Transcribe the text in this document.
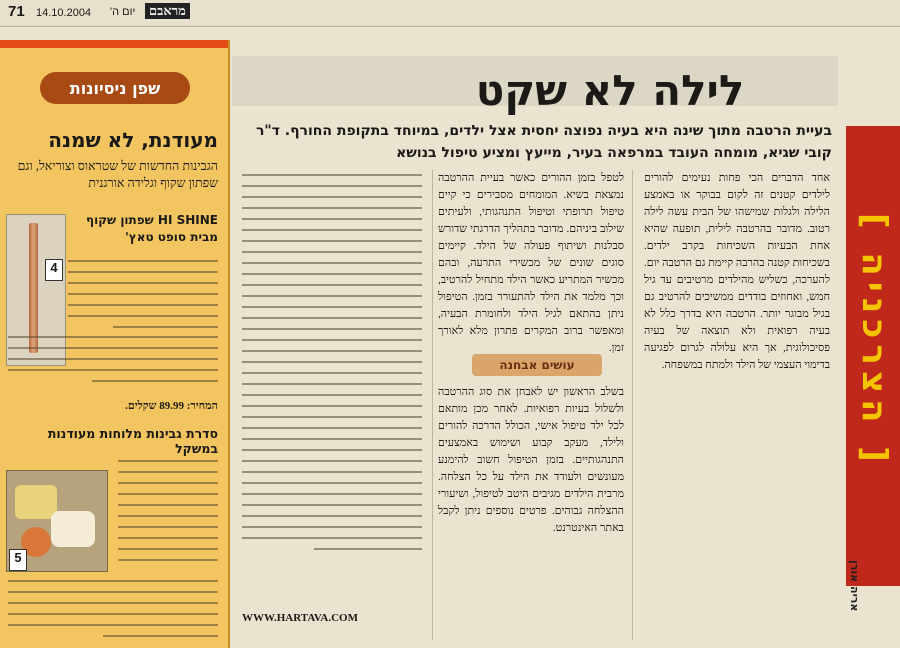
71 14.10.2004 יום ה'	מראבם
שפן ניסיונות
מעודנת, לא שמנה
הגבינות החדשות של שטראוס וצוריאל, וגם שפתון שקוף וגלידה אורגנית
4
HI SHINE שפתון שקוף מבית סופט טאץ'
המחיר: 89.99 שקלים.
סדרת גבינות מלוחות מעודנות במשקל
5
לילה לא שקט
בעיית הרטבה מתוך שינה היא בעיה נפוצה יחסית אצל ילדים, במיוחד בתקופת החורף. ד"ר קובי שגיא, מומחה העובד במרפאה בעיר, מייעץ ומציע טיפול בנושא

אחד הדברים הכי פחות נעימים להורים לילדים קטנים זה לקום בבוקר או באמצע הלילה ולגלות שמישהו של הבית עשה לילה רטוב. מדובר בהרטבה לילית, תופעה שהיא אחת הבעיות השכיחות בקרב ילדים. בשכיחות קטנה בהרבה קיימת גם הרטבה יום. להערכה, כשליש מהילדים מרטיבים עד גיל חמש, ואחוזים בודדים ממשיכים להרטיב גם בגיל מבוגר יותר. הרטבה היא בדרך כלל לא בעיה רפואית ולא תוצאה של בעיה פסיכולוגית, אך היא עלולה לגרום לפגיעה בדימוי העצמי של הילד ולמתח במשפחה.

לטפל בזמן ההורים כאשר בעיית ההרטבה נמצאת בשיא. המומחים מסבירים כי קיים טיפול תרופתי וטיפול התנהגותי, ולעיתים שילוב ביניהם. מדובר בתהליך הדרגתי שדורש סבלנות ושיתוף פעולה של הילד. קיימים סוגים שונים של מכשירי התרעה, ובהם מכשיר המתריע כאשר הילד מתחיל להרטיב, וכך מלמד את הילד להתעורר בזמן. הטיפול ניתן בהתאם לגיל הילד ולחומרת הבעיה, ומאפשר ברוב המקרים פתרון מלא לאורך זמן.

עושים אבחנה

בשלב הראשון יש לאבחן את סוג ההרטבה ולשלול בעיות רפואיות. לאחר מכן מותאם לכל ילד טיפול אישי, הכולל הדרכה להורים ולילד, מעקב קבוע ושימוש באמצעים התנהגותיים. בזמן הטיפול חשוב להימנע מעונשים ולעודד את הילד על כל הצלחה. מרבית הילדים מגיבים היטב לטיפול, ושיעורי ההצלחה גבוהים. פרטים נוספים ניתן לקבל באתר האינטרנט.

WWW.HARTAVA.COM
[ הצרכניה ]
אריה אורן
